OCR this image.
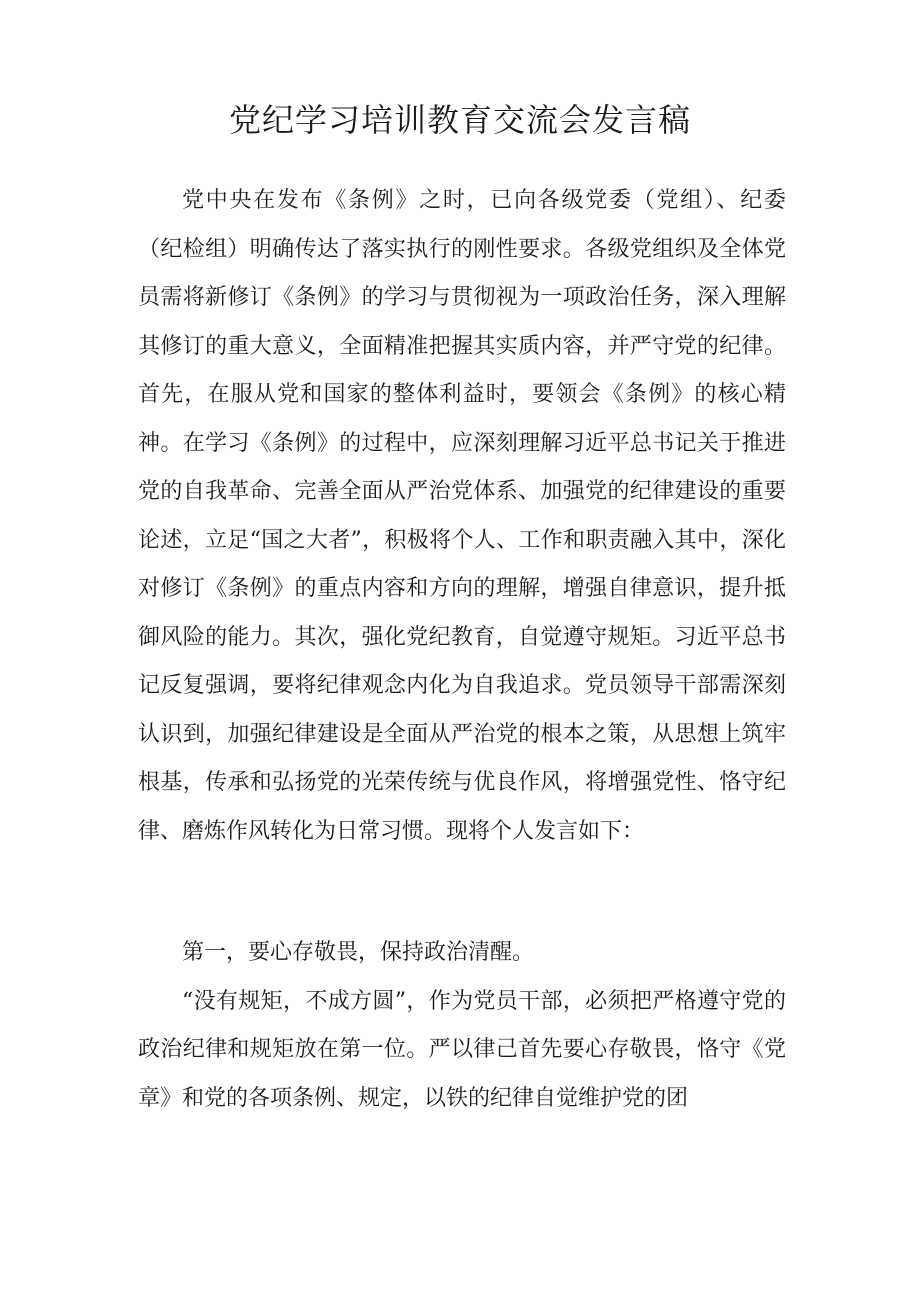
党纪学习培训教育交流会发言稿

党中央在发布《条例》之时，已向各级党委（党组）、纪委（纪检组）明确传达了落实执行的刚性要求。各级党组织及全体党员需将新修订《条例》的学习与贯彻视为一项政治任务，深入理解其修订的重大意义，全面精准把握其实质内容，并严守党的纪律。首先，在服从党和国家的整体利益时，要领会《条例》的核心精神。在学习《条例》的过程中，应深刻理解习近平总书记关于推进党的自我革命、完善全面从严治党体系、加强党的纪律建设的重要论述，立足“国之大者”，积极将个人、工作和职责融入其中，深化对修订《条例》的重点内容和方向的理解，增强自律意识，提升抵御风险的能力。其次，强化党纪教育，自觉遵守规矩。习近平总书记反复强调，要将纪律观念内化为自我追求。党员领导干部需深刻认识到，加强纪律建设是全面从严治党的根本之策，从思想上筑牢根基，传承和弘扬党的光荣传统与优良作风，将增强党性、恪守纪律、磨炼作风转化为日常习惯。现将个人发言如下：

第一，要心存敬畏，保持政治清醒。

“没有规矩，不成方圆”，作为党员干部，必须把严格遵守党的政治纪律和规矩放在第一位。严以律己首先要心存敬畏，恪守《党章》和党的各项条例、规定，以铁的纪律自觉维护党的团
